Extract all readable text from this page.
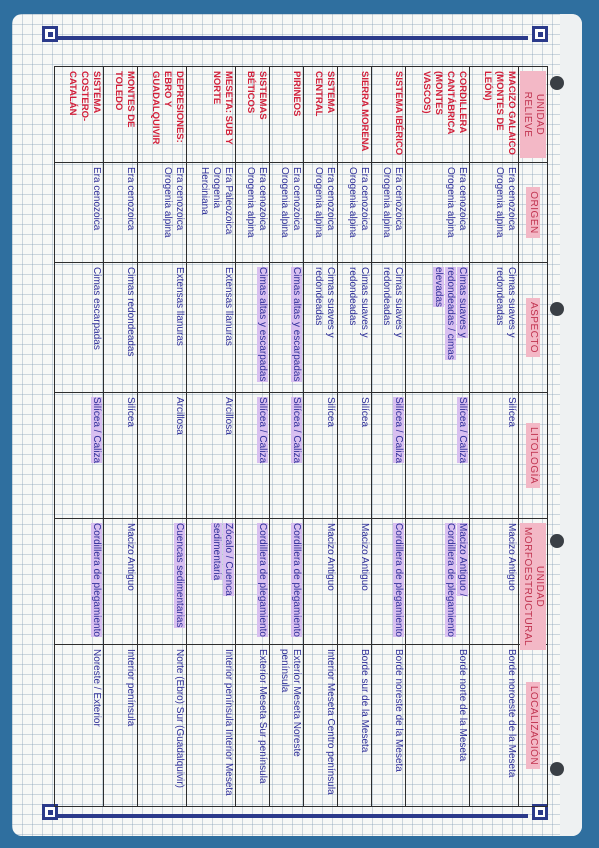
UNIDAD RELIEVE	ORIGEN	ASPECTO	LITOLOGÍA	UNIDAD MORFOESTRUCTURAL	LOCALIZACIÓN
MACIZO GALAICO (MONTES DE LEÓN)	Era cenozoica Orogenia alpina	Cimas suaves y redondeadas	Silícea	Macizo Antiguo	Borde noroeste de la Meseta
CORDILLERA CANTÁBRICA (MONTES VASCOS)	Era cenozoica Orogenia alpina	Cimas suaves y redondeadas / cimas elevadas	Silícea / Caliza	Macizo Antiguo / Cordillera de plegamiento	Borde norte de la Meseta
SISTEMA IBÉRICO	Era cenozoica Orogenia alpina	Cimas suaves y redondeadas	Silícea / Caliza	Cordillera de plegamiento	Borde noreste de la Meseta
SIERRA MORENA	Era cenozoica Orogenia alpina	Cimas suaves y redondeadas	Silícea	Macizo Antiguo	Borde sur de la Meseta
SISTEMA CENTRAL	Era cenozoica Orogenia alpina	Cimas suaves y redondeadas	Silícea	Macizo Antiguo	Interior Meseta Centro península
PIRINEOS	Era cenozoica Orogenia alpina	Cimas altas y escarpadas	Silícea / Caliza	Cordillera de plegamiento	Exterior Meseta Noreste península
SISTEMAS BÉTICOS	Era cenozoica Orogenia alpina	Cimas altas y escarpadas	Silícea / Caliza	Cordillera de plegamiento	Exterior Meseta Sur península
MESETA: SUB Y NORTE	Era Paleozoica Orogenia Herciniana	Extensas llanuras	Arcillosa	Zócalo / Cuenca sedimentaria	Interior península Interior Meseta
DEPRESIONES: EBRO Y GUADALQUIVIR	Era cenozoica Orogenia alpina	Extensas llanuras	Arcillosa	Cuencas sedimentarias	Norte (Ebro) Sur (Guadalquivir)
MONTES DE TOLEDO	Era cenozoica	Cimas redondeadas	Silícea	Macizo Antiguo	Interior península
SISTEMA COSTERO-CATALÁN	Era cenozoica	Cimas escarpadas	Silícea / Caliza	Cordillera de plegamiento	Noreste / Exterior
